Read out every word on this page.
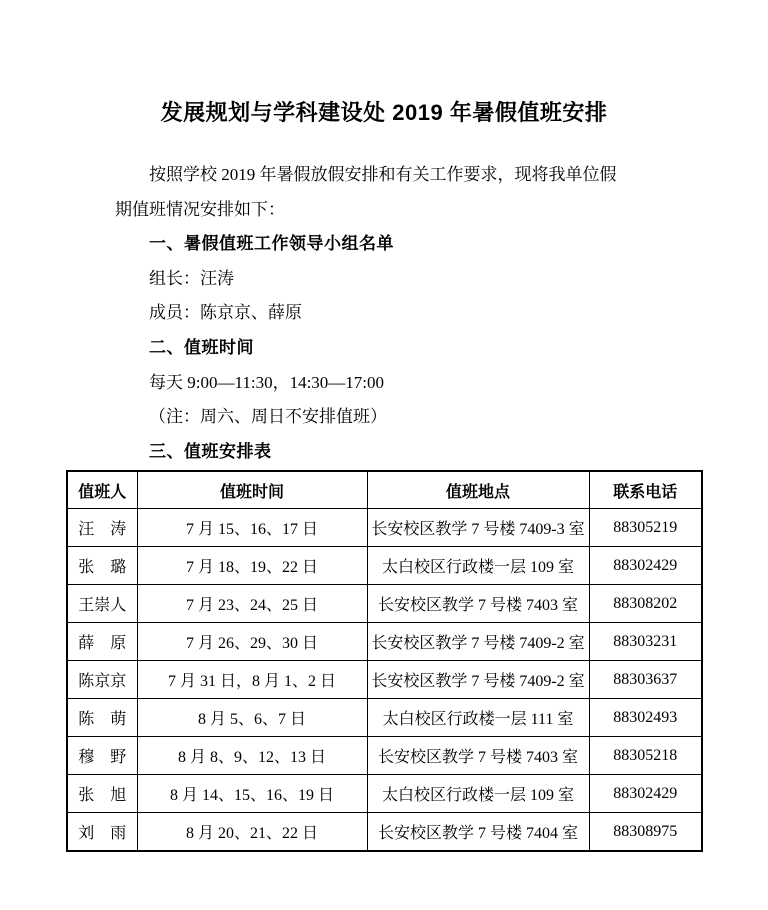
发展规划与学科建设处 2019 年暑假值班安排
按照学校 2019 年暑假放假安排和有关工作要求，现将我单位假
期值班情况安排如下：
一、暑假值班工作领导小组名单
组长：汪涛
成员：陈京京、薛原
二、值班时间
每天 9:00—11:30，14:30—17:00
（注：周六、周日不安排值班）
三、值班安排表
值班人	值班时间	值班地点	联系电话
汪　涛	7 月 15、16、17 日	长安校区教学 7 号楼 7409-3 室	88305219
张　璐	7 月 18、19、22 日	太白校区行政楼一层 109 室	88302429
王崇人	7 月 23、24、25 日	长安校区教学 7 号楼 7403 室	88308202
薛　原	7 月 26、29、30 日	长安校区教学 7 号楼 7409-2 室	88303231
陈京京	7 月 31 日，8 月 1、2 日	长安校区教学 7 号楼 7409-2 室	88303637
陈　萌	8 月 5、6、7 日	太白校区行政楼一层 111 室	88302493
穆　野	8 月 8、9、12、13 日	长安校区教学 7 号楼 7403 室	88305218
张　旭	8 月 14、15、16、19 日	太白校区行政楼一层 109 室	88302429
刘　雨	8 月 20、21、22 日	长安校区教学 7 号楼 7404 室	88308975
